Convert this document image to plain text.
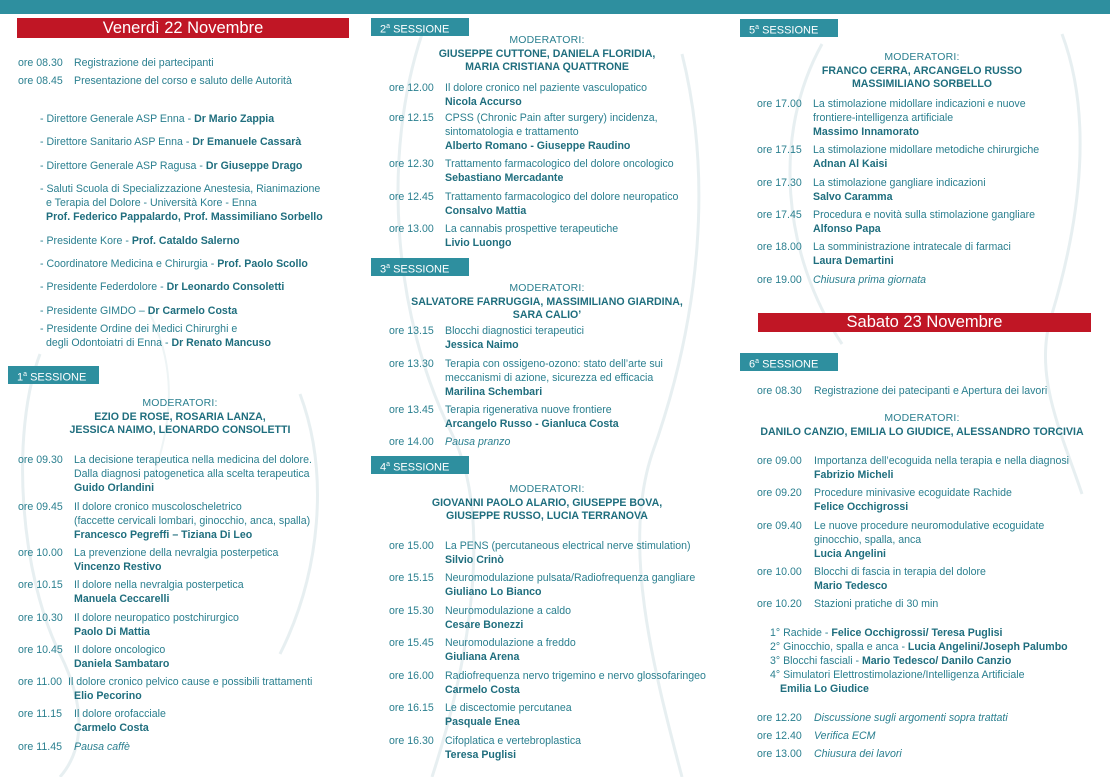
Venerdì 22 Novembre
ore 08.30 Registrazione dei partecipanti
ore 08.45 Presentazione del corso e saluto delle Autorità
- Direttore Generale ASP Enna - Dr Mario Zappia
- Direttore Sanitario ASP Enna - Dr Emanuele Cassarà
- Direttore Generale ASP Ragusa - Dr Giuseppe Drago
- Saluti Scuola di Specializzazione Anestesia, Rianimazione
e Terapia del Dolore - Università Kore - Enna
Prof. Federico Pappalardo, Prof. Massimiliano Sorbello
- Presidente Kore - Prof. Cataldo Salerno
- Coordinatore Medicina e Chirurgia - Prof. Paolo Scollo
- Presidente Federdolore - Dr Leonardo Consoletti
- Presidente GIMDO – Dr Carmelo Costa
- Presidente Ordine dei Medici Chirurghi e
degli Odontoiatri di Enna - Dr Renato Mancuso
1$^a$ SESSIONE
MODERATORI:
EZIO DE ROSE, ROSARIA LANZA,
JESSICA NAIMO, LEONARDO CONSOLETTI
ore 09.30 La decisione terapeutica nella medicina del dolore.
Dalla diagnosi patogenetica alla scelta terapeutica
Guido Orlandini
ore 09.45 Il dolore cronico muscoloscheletrico
(faccette cervicali lombari, ginocchio, anca, spalla)
Francesco Pegreffi – Tiziana Di Leo
ore 10.00 La prevenzione della nevralgia posterpetica
Vincenzo Restivo
ore 10.15 Il dolore nella nevralgia posterpetica
Manuela Ceccarelli
ore 10.30 Il dolore neuropatico postchirurgico
Paolo Di Mattia
ore 10.45 Il dolore oncologico
Daniela Sambataro
ore 11.00 Il dolore cronico pelvico cause e possibili trattamenti
Elio Pecorino
ore 11.15 Il dolore orofacciale
Carmelo Costa
ore 11.45 Pausa caffè
2$^a$ SESSIONE
MODERATORI:
GIUSEPPE CUTTONE, DANIELA FLORIDIA,
MARIA CRISTIANA QUATTRONE
ore 12.00 Il dolore cronico nel paziente vasculopatico
Nicola Accurso
ore 12.15 CPSS (Chronic Pain after surgery) incidenza,
sintomatologia e trattamento
Alberto Romano - Giuseppe Raudino
ore 12.30 Trattamento farmacologico del dolore oncologico
Sebastiano Mercadante
ore 12.45 Trattamento farmacologico del dolore neuropatico
Consalvo Mattia
ore 13.00 La cannabis prospettive terapeutiche
Livio Luongo
3$^a$ SESSIONE
MODERATORI:
SALVATORE FARRUGGIA, MASSIMILIANO GIARDINA,
SARA CALIO’
ore 13.15 Blocchi diagnostici terapeutici
Jessica Naimo
ore 13.30 Terapia con ossigeno-ozono: stato dell’arte sui
meccanismi di azione, sicurezza ed efficacia
Marilina Schembari
ore 13.45 Terapia rigenerativa nuove frontiere
Arcangelo Russo - Gianluca Costa
ore 14.00 Pausa pranzo
4$^a$ SESSIONE
MODERATORI:
GIOVANNI PAOLO ALARIO, GIUSEPPE BOVA,
GIUSEPPE RUSSO, LUCIA TERRANOVA
ore 15.00 La PENS (percutaneous electrical nerve stimulation)
Silvio Crinò
ore 15.15 Neuromodulazione pulsata/Radiofrequenza gangliare
Giuliano Lo Bianco
ore 15.30 Neuromodulazione a caldo
Cesare Bonezzi
ore 15.45 Neuromodulazione a freddo
Giuliana Arena
ore 16.00 Radiofrequenza nervo trigemino e nervo glossofaringeo
Carmelo Costa
ore 16.15 Le discectomie percutanea
Pasquale Enea
ore 16.30 Cifoplatica e vertebroplastica
Teresa Puglisi
5$^a$ SESSIONE
MODERATORI:
FRANCO CERRA, ARCANGELO RUSSO
MASSIMILIANO SORBELLO
ore 17.00 La stimolazione midollare indicazioni e nuove
frontiere-intelligenza artificiale
Massimo Innamorato
ore 17.15 La stimolazione midollare metodiche chirurgiche
Adnan Al Kaisi
ore 17.30 La stimolazione gangliare indicazioni
Salvo Caramma
ore 17.45 Procedura e novità sulla stimolazione gangliare
Alfonso Papa
ore 18.00 La somministrazione intratecale di farmaci
Laura Demartini
ore 19.00 Chiusura prima giornata
Sabato 23 Novembre
6$^a$ SESSIONE
ore 08.30 Registrazione dei patecipanti e Apertura dei lavori
MODERATORI:
DANILO CANZIO, EMILIA LO GIUDICE, ALESSANDRO TORCIVIA
ore 09.00 Importanza dell’ecoguida nella terapia e nella diagnosi
Fabrizio Micheli
ore 09.20 Procedure minivasive ecoguidate Rachide
Felice Occhigrossi
ore 09.40 Le nuove procedure neuromodulative ecoguidate
ginocchio, spalla, anca
Lucia Angelini
ore 10.00 Blocchi di fascia in terapia del dolore
Mario Tedesco
ore 10.20 Stazioni pratiche di 30 min
1° Rachide - Felice Occhigrossi/ Teresa Puglisi
2° Ginocchio, spalla e anca - Lucia Angelini/Joseph Palumbo
3° Blocchi fasciali - Mario Tedesco/ Danilo Canzio
4° Simulatori Elettrostimolazione/Intelligenza Artificiale
Emilia Lo Giudice
ore 12.20 Discussione sugli argomenti sopra trattati
ore 12.40 Verifica ECM
ore 13.00 Chiusura dei lavori
